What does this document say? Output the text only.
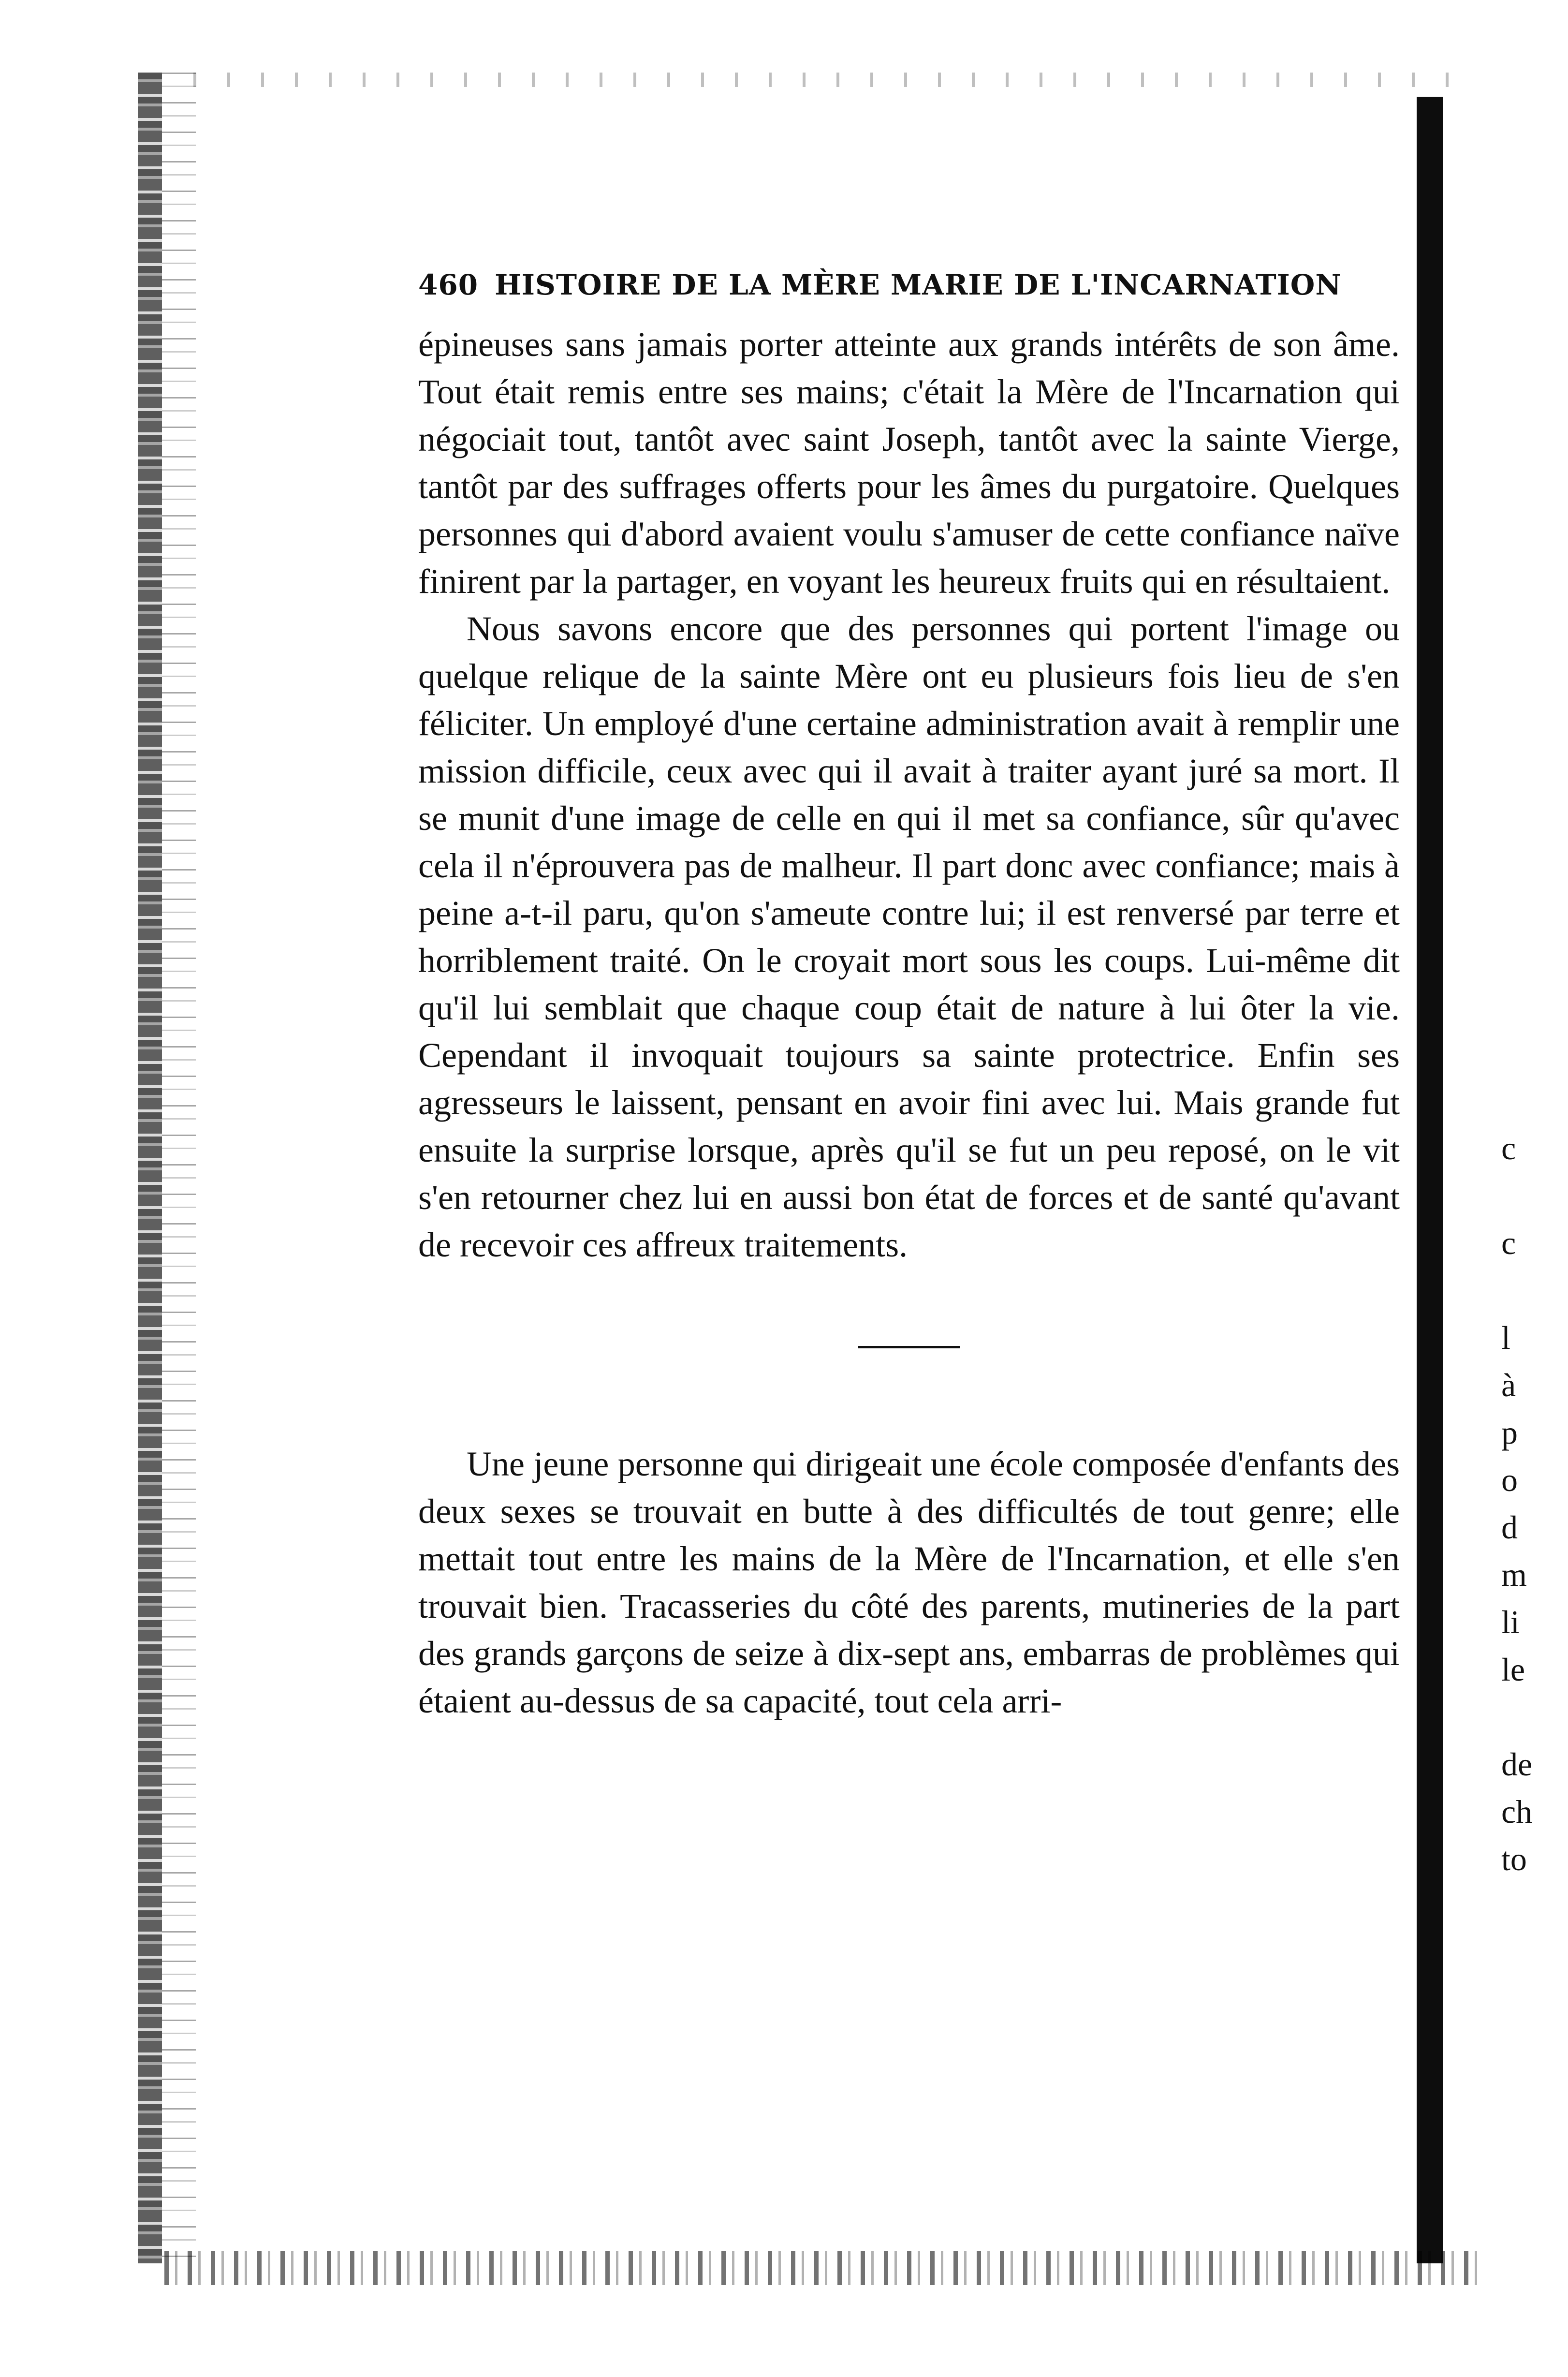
460 HISTOIRE DE LA MÈRE MARIE DE L'INCARNATION

épineuses sans jamais porter atteinte aux grands intérêts de son âme. Tout était remis entre ses mains; c'était la Mère de l'Incarnation qui négociait tout, tantôt avec saint Joseph, tantôt avec la sainte Vierge, tantôt par des suffrages offerts pour les âmes du purgatoire. Quelques personnes qui d'abord avaient voulu s'amuser de cette confiance naïve finirent par la partager, en voyant les heureux fruits qui en résultaient.

Nous savons encore que des personnes qui portent l'image ou quelque relique de la sainte Mère ont eu plusieurs fois lieu de s'en féliciter. Un employé d'une certaine administration avait à remplir une mission difficile, ceux avec qui il avait à traiter ayant juré sa mort. Il se munit d'une image de celle en qui il met sa confiance, sûr qu'avec cela il n'éprouvera pas de malheur. Il part donc avec confiance; mais à peine a-t-il paru, qu'on s'ameute contre lui; il est renversé par terre et horriblement traité. On le croyait mort sous les coups. Lui-même dit qu'il lui semblait que chaque coup était de nature à lui ôter la vie. Cependant il invoquait toujours sa sainte protectrice. Enfin ses agresseurs le laissent, pensant en avoir fini avec lui. Mais grande fut ensuite la surprise lorsque, après qu'il se fut un peu reposé, on le vit s'en retourner chez lui en aussi bon état de forces et de santé qu'avant de recevoir ces affreux traitements.

Une jeune personne qui dirigeait une école composée d'enfants des deux sexes se trouvait en butte à des difficultés de tout genre; elle mettait tout entre les mains de la Mère de l'Incarnation, et elle s'en trouvait bien. Tracasseries du côté des parents, mutineries de la part des grands garçons de seize à dix-sept ans, embarras de problèmes qui étaient au-dessus de sa capacité, tout cela arri-

c
c
l
à
p
o
d
m
li
le
de
ch
to
